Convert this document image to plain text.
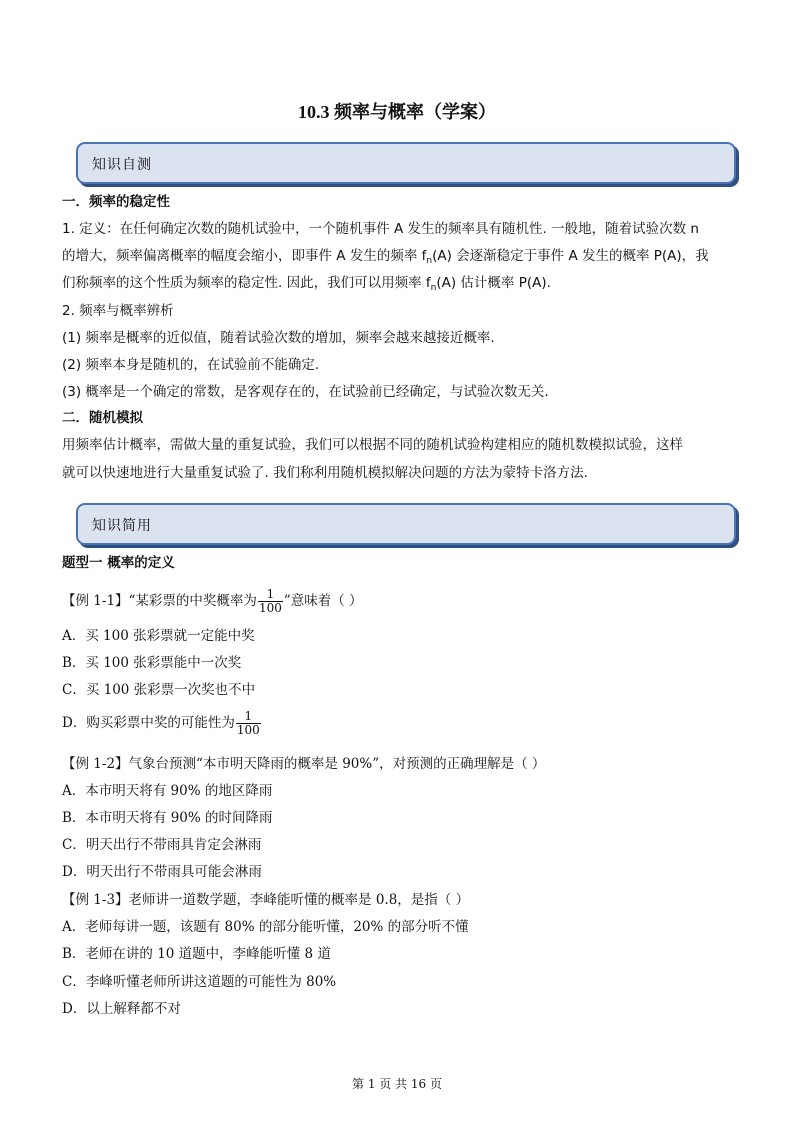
10.3 频率与概率（学案）
知识自测
一．频率的稳定性
1. 定义：在任何确定次数的随机试验中，一个随机事件 A 发生的频率具有随机性. 一般地，随着试验次数 n
的增大，频率偏离概率的幅度会缩小，即事件 A 发生的频率 $f_n(A)$ 会逐渐稳定于事件 A 发生的概率 P(A)，我
们称频率的这个性质为频率的稳定性. 因此，我们可以用频率 $f_n(A)$ 估计概率 P(A).
2. 频率与概率辨析
(1) 频率是概率的近似值，随着试验次数的增加，频率会越来越接近概率.
(2) 频率本身是随机的，在试验前不能确定.
(3) 概率是一个确定的常数，是客观存在的，在试验前已经确定，与试验次数无关.
二．随机模拟
用频率估计概率，需做大量的重复试验，我们可以根据不同的随机试验构建相应的随机数模拟试验，这样
就可以快速地进行大量重复试验了. 我们称利用随机模拟解决问题的方法为蒙特卡洛方法.
知识简用
题型一 概率的定义
【例 1-1】“某彩票的中奖概率为 $\frac{1}{100}$ ”意味着（ ）
A．买 100 张彩票就一定能中奖
B．买 100 张彩票能中一次奖
C．买 100 张彩票一次奖也不中
D．购买彩票中奖的可能性为 $\frac{1}{100}$
【例 1-2】气象台预测“本市明天降雨的概率是 90%”，对预测的正确理解是（ ）
A．本市明天将有 90% 的地区降雨
B．本市明天将有 90% 的时间降雨
C．明天出行不带雨具肯定会淋雨
D．明天出行不带雨具可能会淋雨
【例 1-3】老师讲一道数学题，李峰能听懂的概率是 0.8，是指（ ）
A．老师每讲一题，该题有 80% 的部分能听懂，20% 的部分听不懂
B．老师在讲的 10 道题中，李峰能听懂 8 道
C．李峰听懂老师所讲这道题的可能性为 80%
D．以上解释都不对
第 1 页 共 16 页
